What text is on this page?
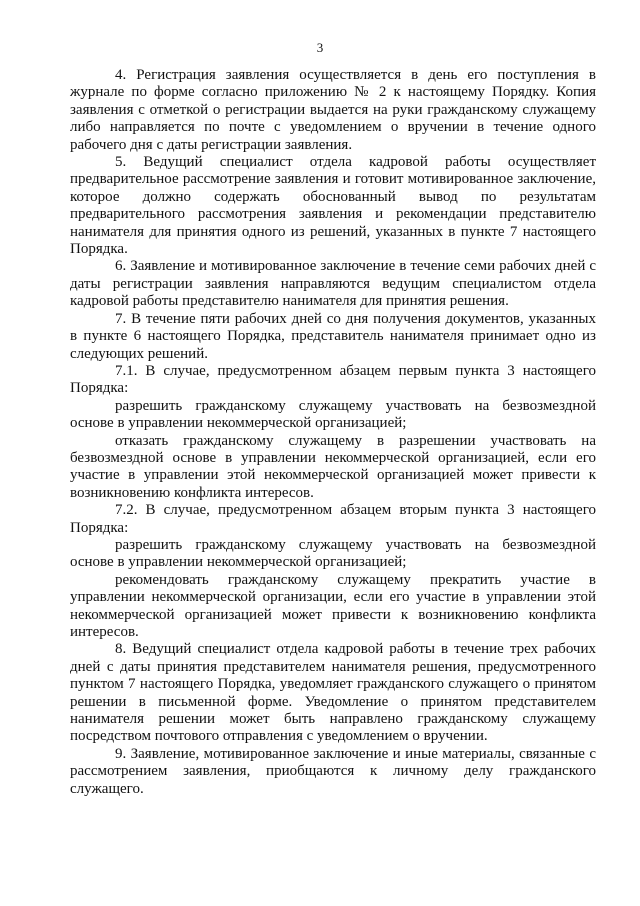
3

4. Регистрация заявления осуществляется в день его поступления в журнале по форме согласно приложению № 2 к настоящему Порядку. Копия заявления с отметкой о регистрации выдается на руки гражданскому служащему либо направляется по почте с уведомлением о вручении в течение одного рабочего дня с даты регистрации заявления.

5. Ведущий специалист отдела кадровой работы осуществляет предварительное рассмотрение заявления и готовит мотивированное заключение, которое должно содержать обоснованный вывод по результатам предварительного рассмотрения заявления и рекомендации представителю нанимателя для принятия одного из решений, указанных в пункте 7 настоящего Порядка.

6. Заявление и мотивированное заключение в течение семи рабочих дней с даты регистрации заявления направляются ведущим специалистом отдела кадровой работы представителю нанимателя для принятия решения.

7. В течение пяти рабочих дней со дня получения документов, указанных в пункте 6 настоящего Порядка, представитель нанимателя принимает одно из следующих решений.

7.1. В случае, предусмотренном абзацем первым пункта 3 настоящего Порядка:

разрешить гражданскому служащему участвовать на безвозмездной основе в управлении некоммерческой организацией;

отказать гражданскому служащему в разрешении участвовать на безвозмездной основе в управлении некоммерческой организацией, если его участие в управлении этой некоммерческой организацией может привести к возникновению конфликта интересов.

7.2. В случае, предусмотренном абзацем вторым пункта 3 настоящего Порядка:

разрешить гражданскому служащему участвовать на безвозмездной основе в управлении некоммерческой организацией;

рекомендовать гражданскому служащему прекратить участие в управлении некоммерческой организации, если его участие в управлении этой некоммерческой организацией может привести к возникновению конфликта интересов.

8. Ведущий специалист отдела кадровой работы в течение трех рабочих дней с даты принятия представителем нанимателя решения, предусмотренного пунктом 7 настоящего Порядка, уведомляет гражданского служащего о принятом решении в письменной форме. Уведомление о принятом представителем нанимателя решении может быть направлено гражданскому служащему посредством почтового отправления с уведомлением о вручении.

9. Заявление, мотивированное заключение и иные материалы, связанные с рассмотрением заявления, приобщаются к личному делу гражданского служащего.
